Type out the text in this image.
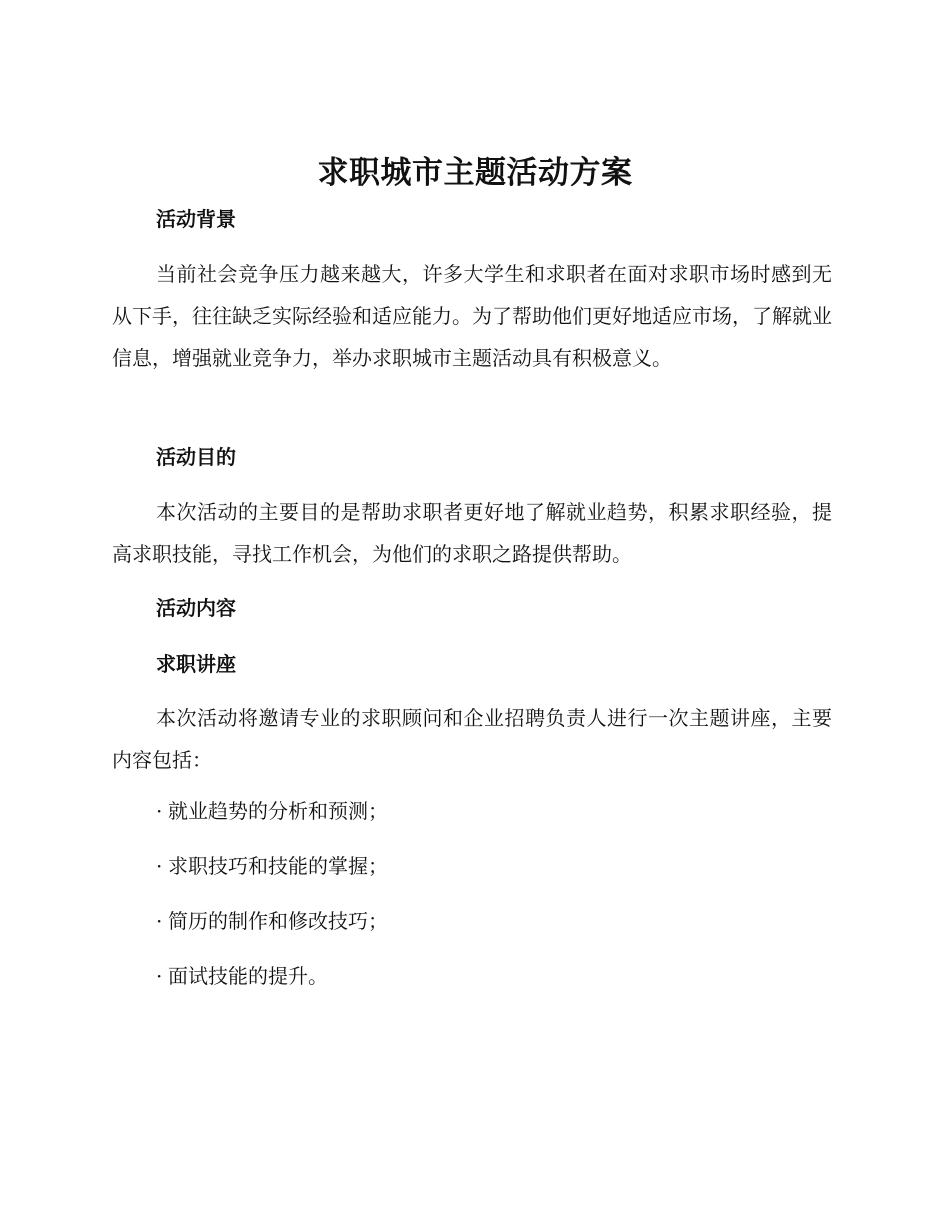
求职城市主题活动方案
活动背景

当前社会竞争压力越来越大，许多大学生和求职者在面对求职市场时感到无从下手，往往缺乏实际经验和适应能力。为了帮助他们更好地适应市场，了解就业信息，增强就业竞争力，举办求职城市主题活动具有积极意义。

活动目的

本次活动的主要目的是帮助求职者更好地了解就业趋势，积累求职经验，提高求职技能，寻找工作机会，为他们的求职之路提供帮助。

活动内容
求职讲座

本次活动将邀请专业的求职顾问和企业招聘负责人进行一次主题讲座，主要内容包括：

· 就业趋势的分析和预测；
· 求职技巧和技能的掌握；
· 简历的制作和修改技巧；
· 面试技能的提升。
